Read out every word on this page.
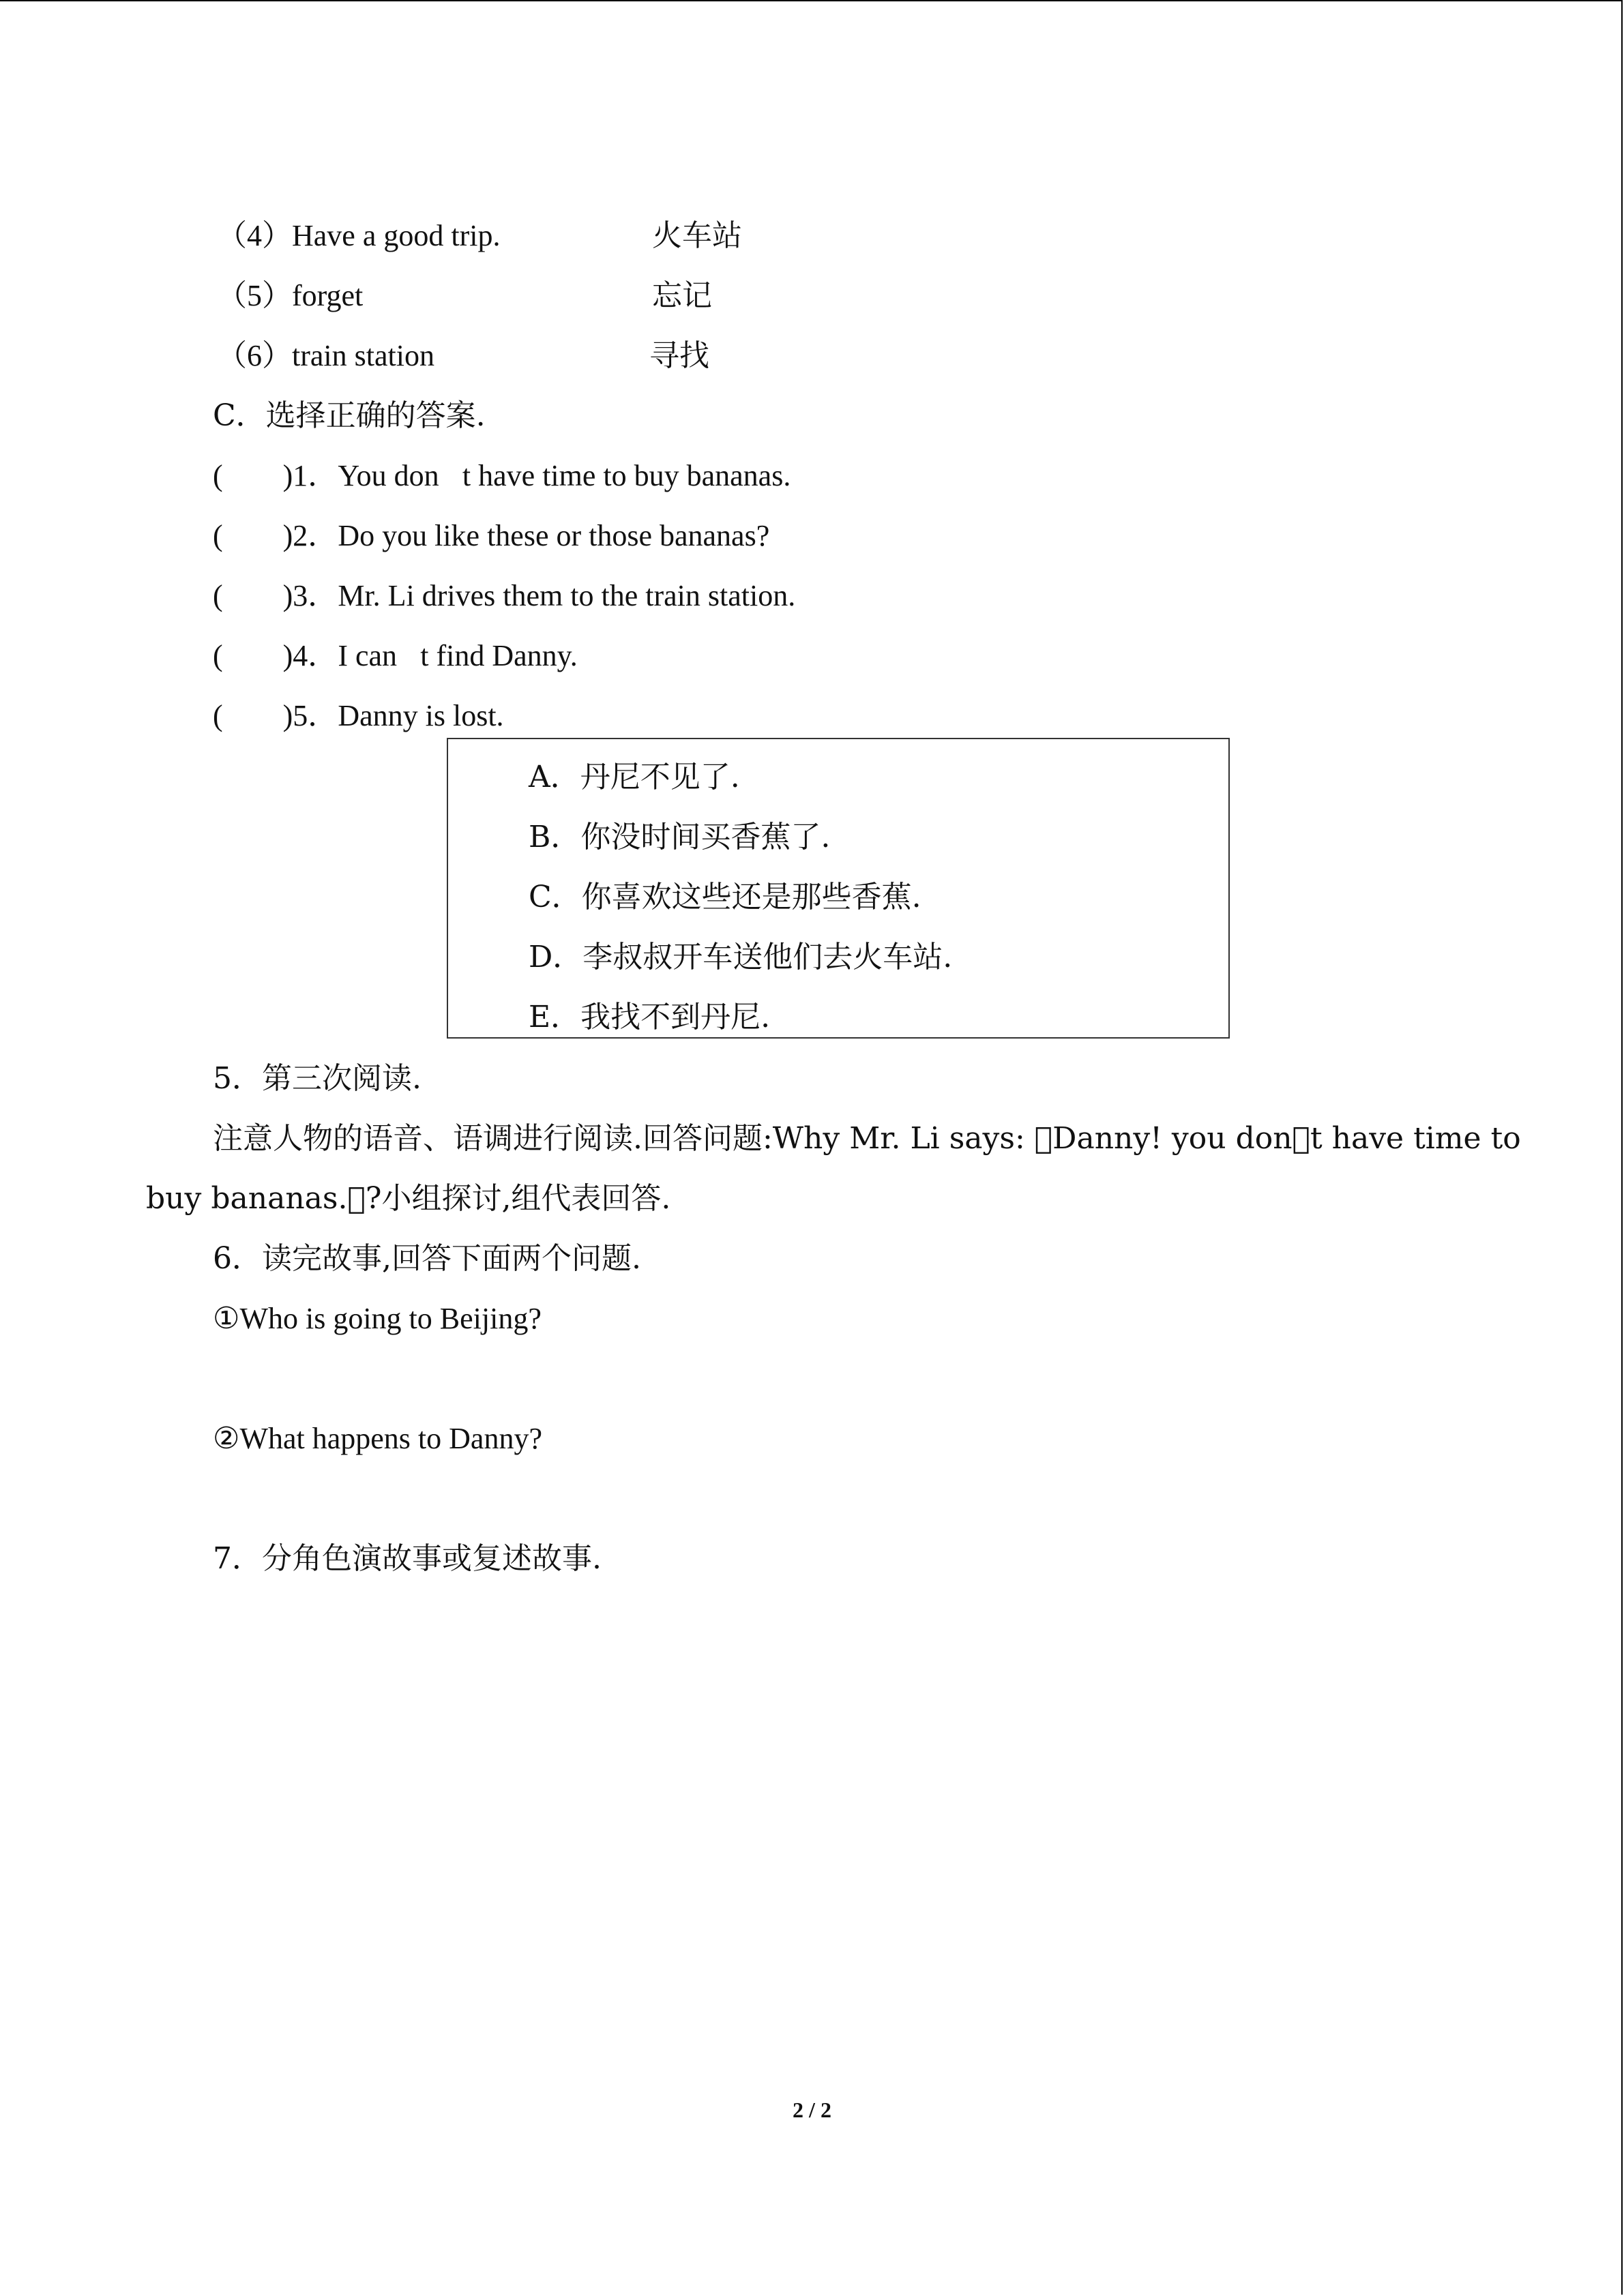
（4）Have a good trip.	火车站
（5）forget	忘记
（6）train station	寻找
C．选择正确的答案.
(        )1．You don t have time to buy bananas.
(        )2．Do you like these or those bananas?
(        )3．Mr. Li drives them to the train station.
(        )4．I can t find Danny.
(        )5．Danny is lost.
A．丹尼不见了.
B．你没时间买香蕉了.
C．你喜欢这些还是那些香蕉.
D．李叔叔开车送他们去火车站.
E．我找不到丹尼.
5．第三次阅读.
注意人物的语音、语调进行阅读.回答问题:Why Mr. Li says:  Danny! you don t have time to
buy bananas. ?小组探讨,组代表回答.
6．读完故事,回答下面两个问题.
①Who is going to Beijing?
②What happens to Danny?
7．分角色演故事或复述故事.
2 / 2
